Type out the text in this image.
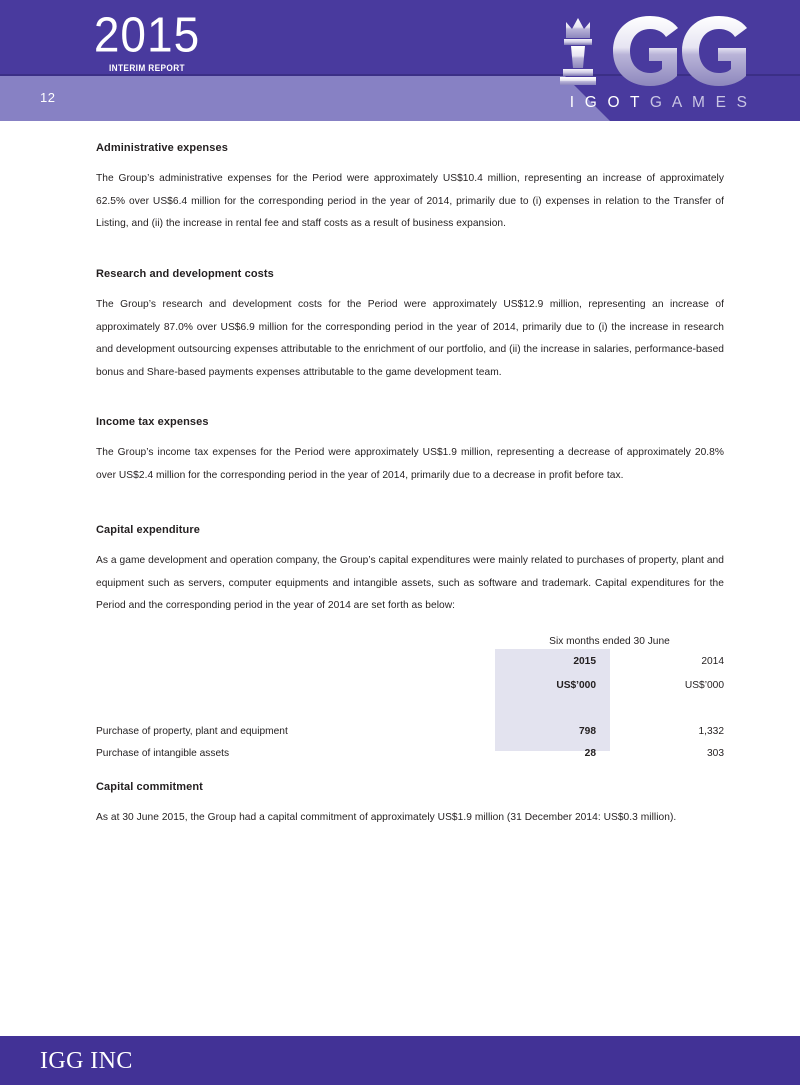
2015
INTERIM REPORT
12	I G O T G A M E S
Administrative expenses

The Group’s administrative expenses for the Period were approximately US$10.4 million, representing an increase of approximately 62.5% over US$6.4 million for the corresponding period in the year of 2014, primarily due to (i) expenses in relation to the Transfer of Listing, and (ii) the increase in rental fee and staff costs as a result of business expansion.

Research and development costs

The Group’s research and development costs for the Period were approximately US$12.9 million, representing an increase of approximately 87.0% over US$6.9 million for the corresponding period in the year of 2014, primarily due to (i) the increase in research and development outsourcing expenses attributable to the enrichment of our portfolio, and (ii) the increase in salaries, performance-based bonus and Share-based payments expenses attributable to the game development team.

Income tax expenses

The Group’s income tax expenses for the Period were approximately US$1.9 million, representing a decrease of approximately 20.8% over US$2.4 million for the corresponding period in the year of 2014, primarily due to a decrease in profit before tax.

Capital expenditure

As a game development and operation company, the Group’s capital expenditures were mainly related to purchases of property, plant and equipment such as servers, computer equipments and intangible assets, such as software and trademark. Capital expenditures for the Period and the corresponding period in the year of 2014 are set forth as below:

	Six months ended 30 June	
	2015	2014
	US$’000	US$’000

Purchase of property, plant and equipment	798	1,332
Purchase of intangible assets	28	303
Capital commitment

As at 30 June 2015, the Group had a capital commitment of approximately US$1.9 million (31 December 2014: US$0.3 million).

IGG INC
